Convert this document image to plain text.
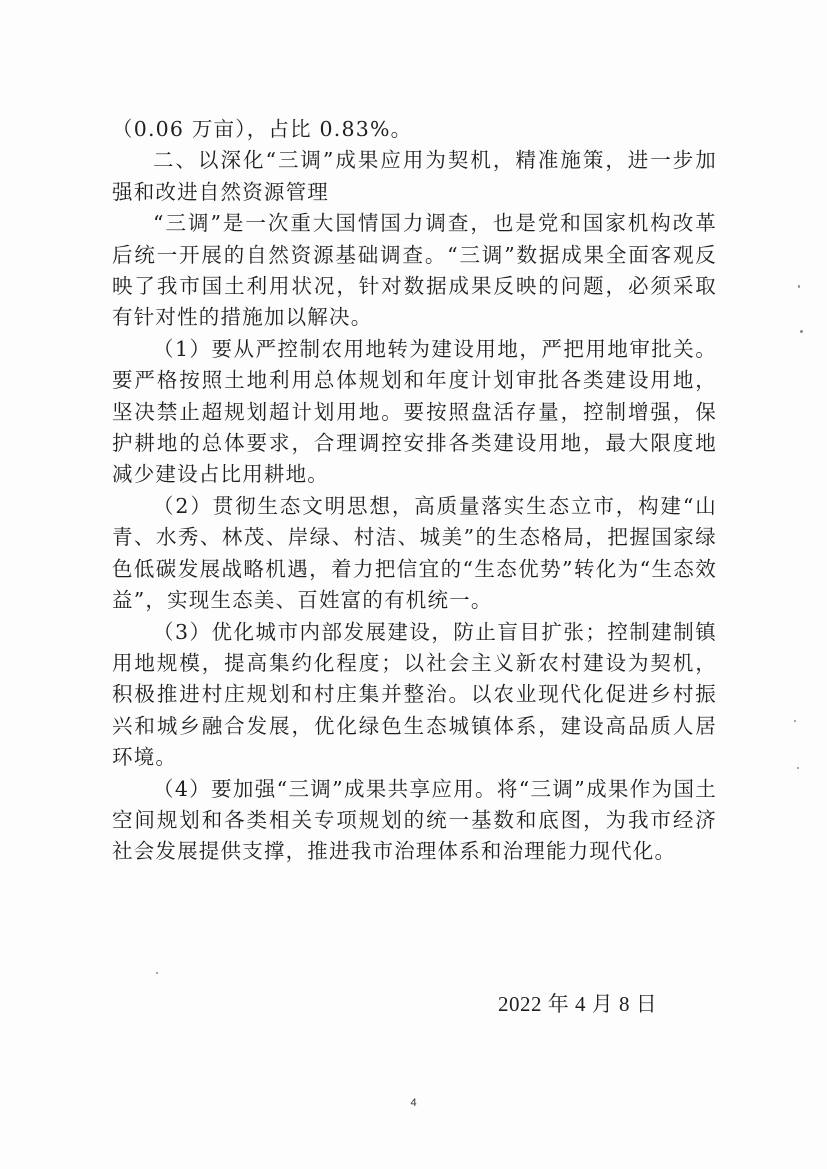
（0.06 万亩），占比 0.83%。

二、以深化“三调”成果应用为契机，精准施策，进一步加强和改进自然资源管理

“三调”是一次重大国情国力调查，也是党和国家机构改革后统一开展的自然资源基础调查。“三调”数据成果全面客观反映了我市国土利用状况，针对数据成果反映的问题，必须采取有针对性的措施加以解决。

（1）要从严控制农用地转为建设用地，严把用地审批关。要严格按照土地利用总体规划和年度计划审批各类建设用地，坚决禁止超规划超计划用地。要按照盘活存量，控制增强，保护耕地的总体要求，合理调控安排各类建设用地，最大限度地减少建设占比用耕地。

（2）贯彻生态文明思想，高质量落实生态立市，构建“山青、水秀、林茂、岸绿、村洁、城美”的生态格局，把握国家绿色低碳发展战略机遇，着力把信宜的“生态优势”转化为“生态效益”，实现生态美、百姓富的有机统一。

（3）优化城市内部发展建设，防止盲目扩张；控制建制镇用地规模，提高集约化程度；以社会主义新农村建设为契机，积极推进村庄规划和村庄集并整治。以农业现代化促进乡村振兴和城乡融合发展，优化绿色生态城镇体系，建设高品质人居环境。

（4）要加强“三调”成果共享应用。将“三调”成果作为国土空间规划和各类相关专项规划的统一基数和底图，为我市经济社会发展提供支撑，推进我市治理体系和治理能力现代化。

2022 年 4 月 8 日
4
